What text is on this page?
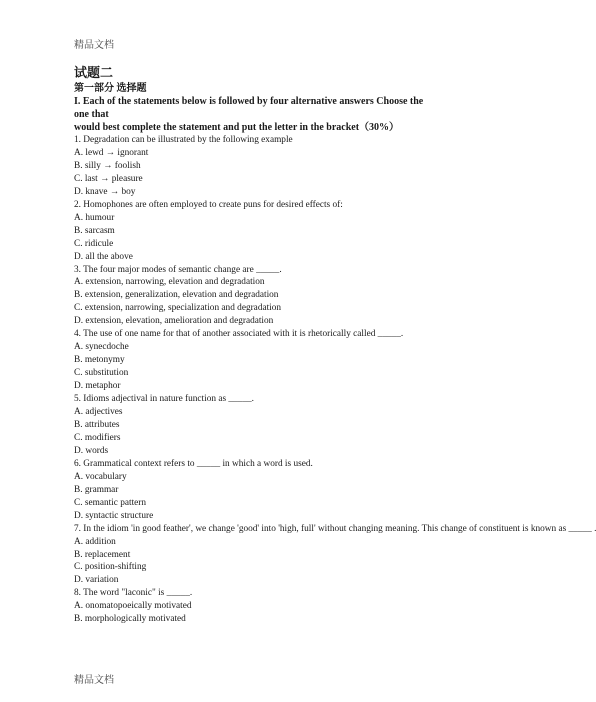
精品文档
试题二
第一部分 选择题
I. Each of the statements below is followed by four alternative answers Choose the one that
would best complete the statement and put the letter in the bracket（30%）
1. Degradation can be illustrated by the following example
A. lewd → ignorant
B. silly → foolish
C. last → pleasure
D. knave → boy
2. Homophones are often employed to create puns for desired effects of:
A. humour
B. sarcasm
C. ridicule
D. all the above
3. The four major modes of semantic change are _____.
A. extension, narrowing, elevation and degradation
B. extension, generalization, elevation and degradation
C. extension, narrowing, specialization and degradation
D. extension, elevation, amelioration and degradation
4. The use of one name for that of another associated with it is rhetorically called _____.
A. synecdoche
B. metonymy
C. substitution
D. metaphor
5. Idioms adjectival in nature function as _____.
A. adjectives
B. attributes
C. modifiers
D. words
6. Grammatical context refers to _____ in which a word is used.
A. vocabulary
B. grammar
C. semantic pattern
D. syntactic structure
7. In the idiom 'in good feather', we change 'good' into 'high, full' without changing meaning. This change of constituent is known as _____ .
A. addition
B. replacement
C. position-shifting
D. variation
8. The word "laconic" is _____.
A. onomatopoeically motivated
B. morphologically motivated
精品文档
